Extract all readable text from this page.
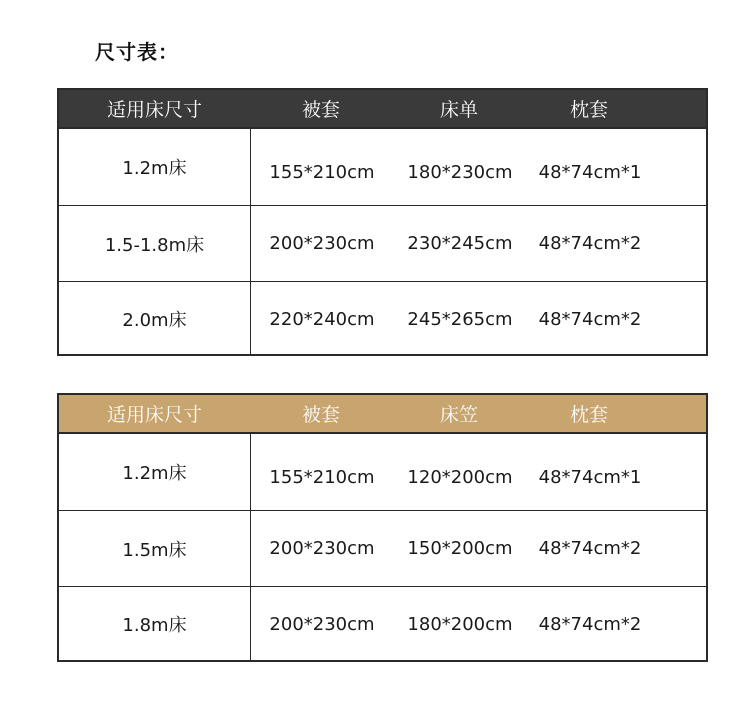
尺寸表：
适用床尺寸	被套	床单	枕套
1.2m床	155*210cm	180*230cm	48*74cm*1
1.5-1.8m床	200*230cm	230*245cm	48*74cm*2
2.0m床	220*240cm	245*265cm	48*74cm*2
适用床尺寸	被套	床笠	枕套
1.2m床	155*210cm	120*200cm	48*74cm*1
1.5m床	200*230cm	150*200cm	48*74cm*2
1.8m床	200*230cm	180*200cm	48*74cm*2
